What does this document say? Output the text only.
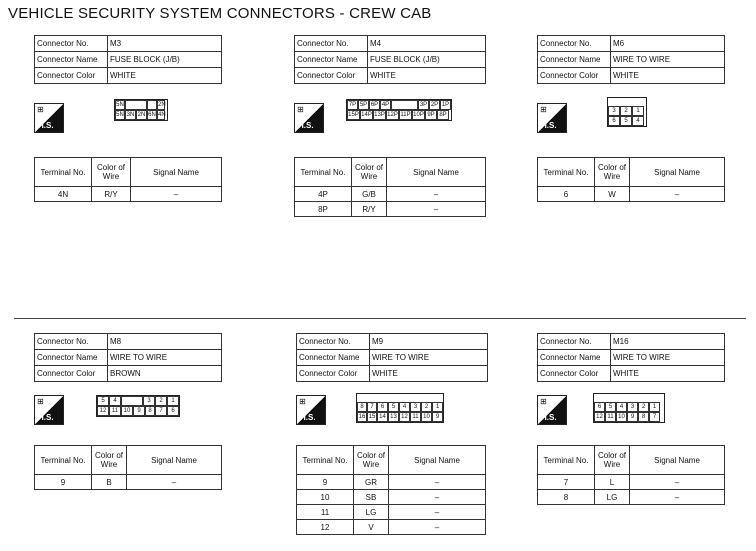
VEHICLE SECURITY SYSTEM CONNECTORS - CREW CAB
Connector No.	M3
Connector Name	FUSE BLOCK (J/B)
Connector Color	WHITE
⊞
H.S.
5N	2N
5N 3N 2N 6N 4N
Terminal No.	Color of Wire	Signal Name
4N	R/Y	–
Connector No.	M4
Connector Name	FUSE BLOCK (J/B)
Connector Color	WHITE
⊞
H.S.
7P 5P 6P 4P	3P 2P 1P
15P 14P 13P 12P 11P 10P 9P 8P
Terminal No.	Color of Wire	Signal Name
4P	G/B	–
8P	R/Y	–
Connector No.	M6
Connector Name	WIRE TO WIRE
Connector Color	WHITE
⊞
H.S.
3	2	1
6	5	4
Terminal No.	Color of Wire	Signal Name
6	W	–
Connector No.	M8
Connector Name	WIRE TO WIRE
Connector Color	BROWN
⊞
H.S.
5	4	3	2	1
12 11 10	9	8	7	6
Terminal No.	Color of Wire	Signal Name
9	B	–
Connector No.	M9
Connector Name	WIRE TO WIRE
Connector Color	WHITE
⊞
H.S.
8	7	6	5	4	3	2	1
16 15 14 13 12 11 10 9
Terminal No.	Color of Wire	Signal Name
9	GR	–
10	SB	–
11	LG	–
12	V	–
Connector No.	M16
Connector Name	WIRE TO WIRE
Connector Color	WHITE
⊞
H.S.
6	5	4	3	2	1
12 11 10 9	8	7
Terminal No.	Color of Wire	Signal Name
7	L	–
8	LG	–
